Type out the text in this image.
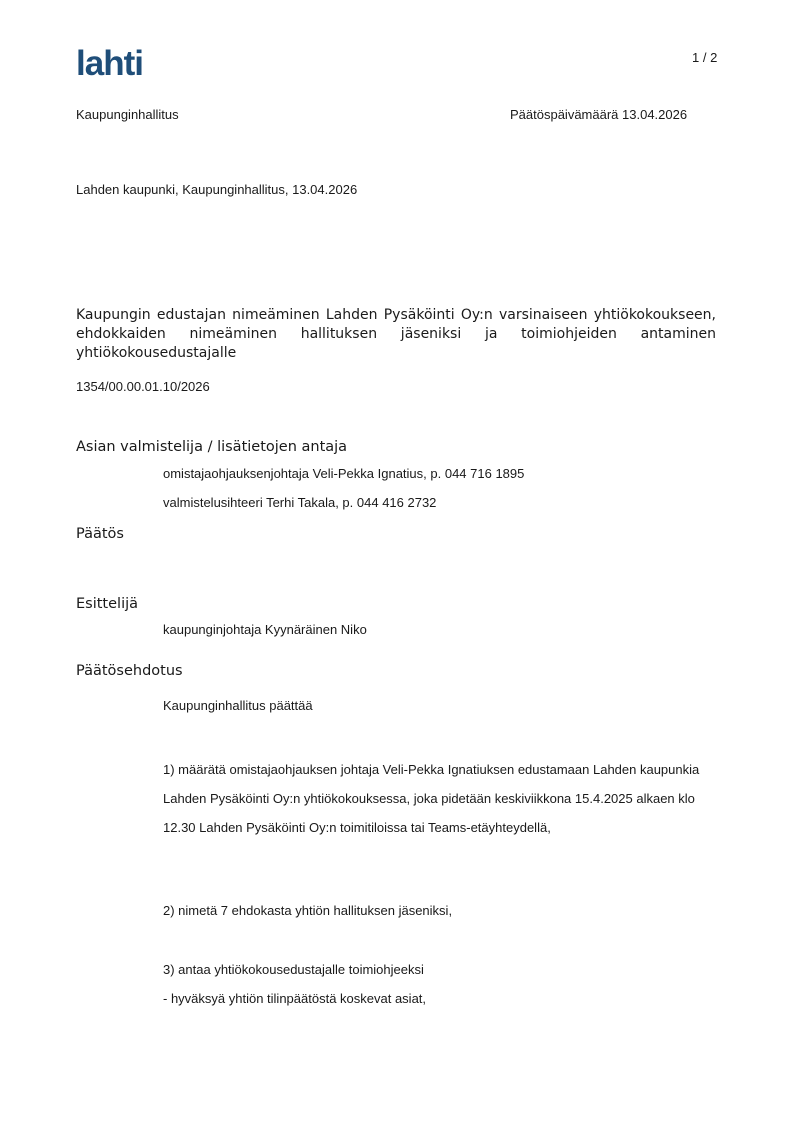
lahti	1 / 2
Kaupunginhallitus	Päätöspäivämäärä 13.04.2026
Lahden kaupunki, Kaupunginhallitus, 13.04.2026
Kaupungin edustajan nimeäminen Lahden Pysäköinti Oy:n varsinaiseen yhtiökokoukseen, ehdokkaiden nimeäminen hallituksen jäseniksi ja toimiohjeiden antaminen yhtiökokousedustajalle
1354/00.00.01.10/2026
Asian valmistelija / lisätietojen antaja
omistajaohjauksenjohtaja Veli-Pekka Ignatius, p. 044 716 1895
valmistelusihteeri Terhi Takala, p. 044 416 2732
Päätös
Esittelijä
kaupunginjohtaja Kyynäräinen Niko
Päätösehdotus
Kaupunginhallitus päättää
1) määrätä omistajaohjauksen johtaja Veli-Pekka Ignatiuksen edustamaan Lahden kaupunkia Lahden Pysäköinti Oy:n yhtiökokouksessa, joka pidetään keskiviikkona 15.4.2025 alkaen klo 12.30 Lahden Pysäköinti Oy:n toimitiloissa tai Teams-etäyhteydellä,
2) nimetä 7 ehdokasta yhtiön hallituksen jäseniksi,
3) antaa yhtiökokousedustajalle toimiohjeeksi
- hyväksyä yhtiön tilinpäätöstä koskevat asiat,
